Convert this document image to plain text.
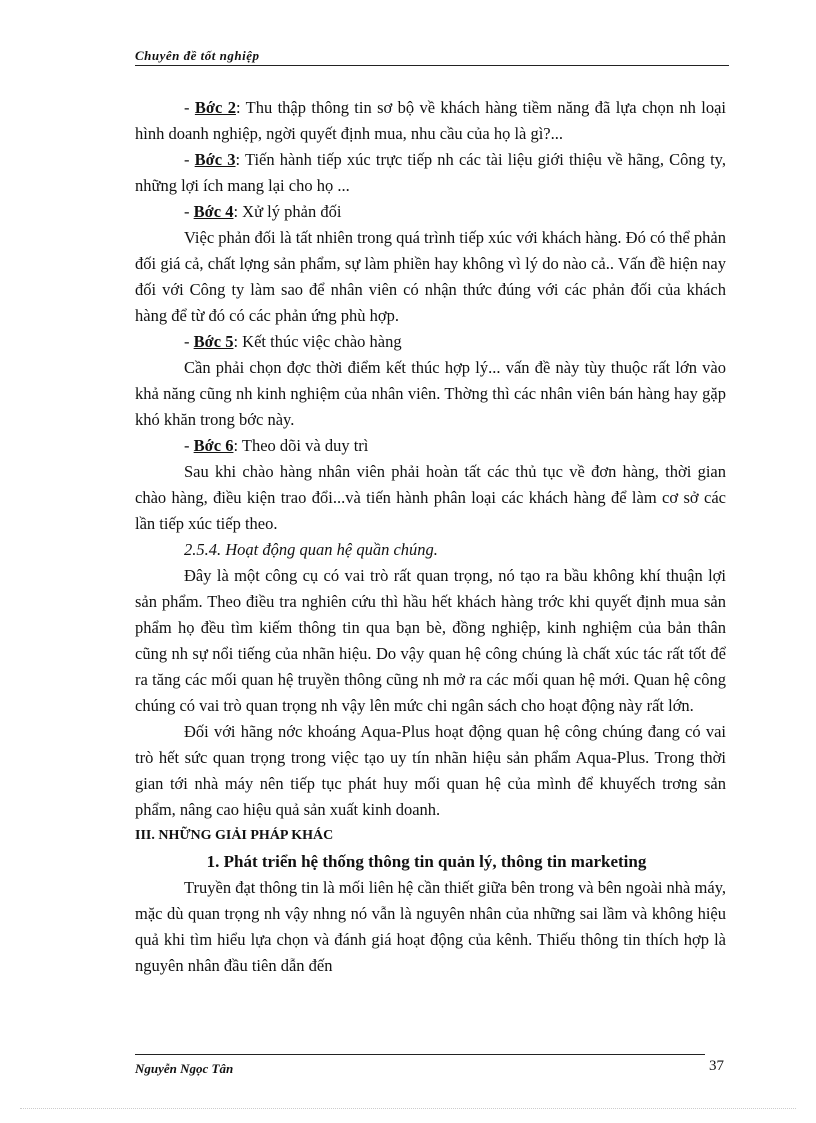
Chuyên đề tốt nghiệp

- Bớc 2: Thu thập thông tin sơ bộ về khách hàng tiềm năng đã lựa chọn nh loại hình doanh nghiệp, ngời quyết định mua, nhu cầu của họ là gì?...

- Bớc 3: Tiến hành tiếp xúc trực tiếp nh các tài liệu giới thiệu về hãng, Công ty, những lợi ích mang lại cho họ ...

- Bớc 4: Xử lý phản đối

Việc phản đối là tất nhiên trong quá trình tiếp xúc với khách hàng. Đó có thể phản đối giá cả, chất lợng sản phẩm, sự làm phiền hay không vì lý do nào cả.. Vấn đề hiện nay đối với Công ty làm sao để nhân viên có nhận thức đúng với các phản đối của khách hàng để từ đó có các phản ứng phù hợp.

- Bớc 5: Kết thúc việc chào hàng

Cần phải chọn đợc thời điểm kết thúc hợp lý... vấn đề này tùy thuộc rất lớn vào khả năng cũng nh kinh nghiệm của nhân viên. Thờng thì các nhân viên bán hàng hay gặp khó khăn trong bớc này.

- Bớc 6: Theo dõi và duy trì

Sau khi chào hàng nhân viên phải hoàn tất các thủ tục về đơn hàng, thời gian chào hàng, điều kiện trao đổi...và tiến hành phân loại các khách hàng để làm cơ sở các lần tiếp xúc tiếp theo.

2.5.4. Hoạt động quan hệ quần chúng.

Đây là một công cụ có vai trò rất quan trọng, nó tạo ra bầu không khí thuận lợi sản phẩm. Theo điều tra nghiên cứu thì hầu hết khách hàng trớc khi quyết định mua sản phẩm họ đều tìm kiếm thông tin qua bạn bè, đồng nghiệp, kinh nghiệm của bản thân cũng nh sự nổi tiếng của nhãn hiệu. Do vậy quan hệ công chúng là chất xúc tác rất tốt để ra tăng các mối quan hệ truyền thông cũng nh mở ra các mối quan hệ mới. Quan hệ công chúng có vai trò quan trọng nh vậy lên mức chi ngân sách cho hoạt động này rất lớn.

Đối với hãng nớc khoáng Aqua-Plus hoạt động quan hệ công chúng đang có vai trò hết sức quan trọng trong việc tạo uy tín nhãn hiệu sản phẩm Aqua-Plus. Trong thời gian tới nhà máy nên tiếp tục phát huy mối quan hệ của mình để khuyếch trơng sản phẩm, nâng cao hiệu quả sản xuất kinh doanh.

III. NHỮNG GIẢI PHÁP KHÁC

1. Phát triển hệ thống thông tin quản lý, thông tin marketing

Truyền đạt thông tin là mối liên hệ cần thiết giữa bên trong và bên ngoài nhà máy, mặc dù quan trọng nh vậy nhng nó vẫn là nguyên nhân của những sai lầm và không hiệu quả khi tìm hiểu lựa chọn và đánh giá hoạt động của kênh. Thiếu thông tin thích hợp là nguyên nhân đầu tiên dẫn đến

Nguyễn Ngọc Tân	37
